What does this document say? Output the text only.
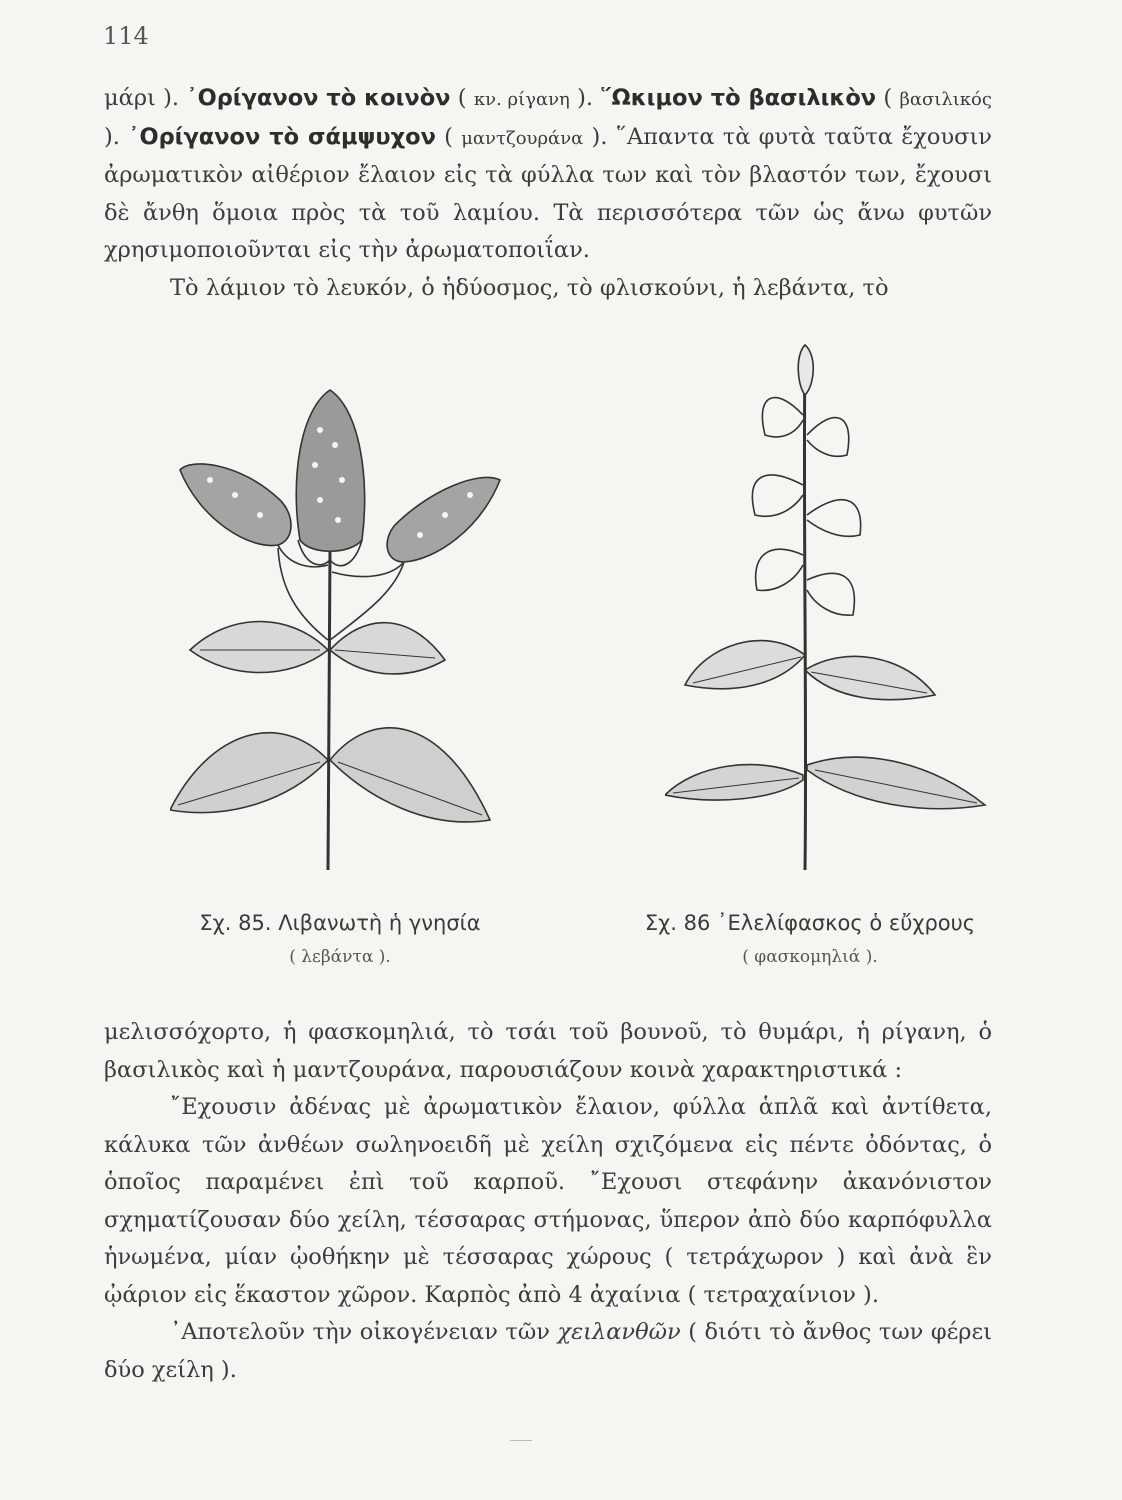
114

μάρι ). ᾿Ορίγανον τὸ κοινὸν ( κν. ρίγανη ). ῞Ωκιμον τὸ βασιλικὸν ( βασιλικός ). ᾿Ορίγανον τὸ σάμψυχον ( μαντζουράνα ). ῞Απαντα τὰ φυτὰ ταῦτα ἔχουσιν ἀρωματικὸν αἰθέριον ἔλαιον εἰς τὰ φύλλα των καὶ τὸν βλαστόν των, ἔχουσι δὲ ἄνθη ὅμοια πρὸς τὰ τοῦ λαμίου. Τὰ περισσότερα τῶν ὡς ἄνω φυτῶν χρησιμοποιοῦνται εἰς τὴν ἀρωματοποιΐαν.

Τὸ λάμιον τὸ λευκόν, ὁ ἡδύοσμος, τὸ φλισκούνι, ἡ λεβάντα, τὸ

Σχ. 85. Λιβανωτὴ ἡ γνησία
( λεβάντα ).
Σχ. 86 ᾿Ελελίφασκος ὁ εὔχρους
( φασκομηλιά ).

μελισσόχορτο, ἡ φασκομηλιά, τὸ τσάι τοῦ βουνοῦ, τὸ θυμάρι, ἡ ρίγανη, ὁ βασιλικὸς καὶ ἡ μαντζουράνα, παρουσιάζουν κοινὰ χαρακτηριστικά :

῎Εχουσιν ἀδένας μὲ ἀρωματικὸν ἔλαιον, φύλλα ἁπλᾶ καὶ ἀντίθετα, κάλυκα τῶν ἀνθέων σωληνοειδῆ μὲ χείλη σχιζόμενα εἰς πέντε ὀδόντας, ὁ ὁποῖος παραμένει ἐπὶ τοῦ καρποῦ. ῎Εχουσι στεφάνην ἀκανόνιστον σχηματίζουσαν δύο χείλη, τέσσαρας στήμονας, ὕπερον ἀπὸ δύο καρπόφυλλα ἡνωμένα, μίαν ᾠοθήκην μὲ τέσσαρας χώρους ( τετράχωρον ) καὶ ἀνὰ ἓν ᾠάριον εἰς ἕκαστον χῶρον. Καρπὸς ἀπὸ 4 ἀχαίνια ( τετραχαίνιον ).

᾿Αποτελοῦν τὴν οἰκογένειαν τῶν χειλανθῶν ( διότι τὸ ἄνθος των φέρει δύο χείλη ).
